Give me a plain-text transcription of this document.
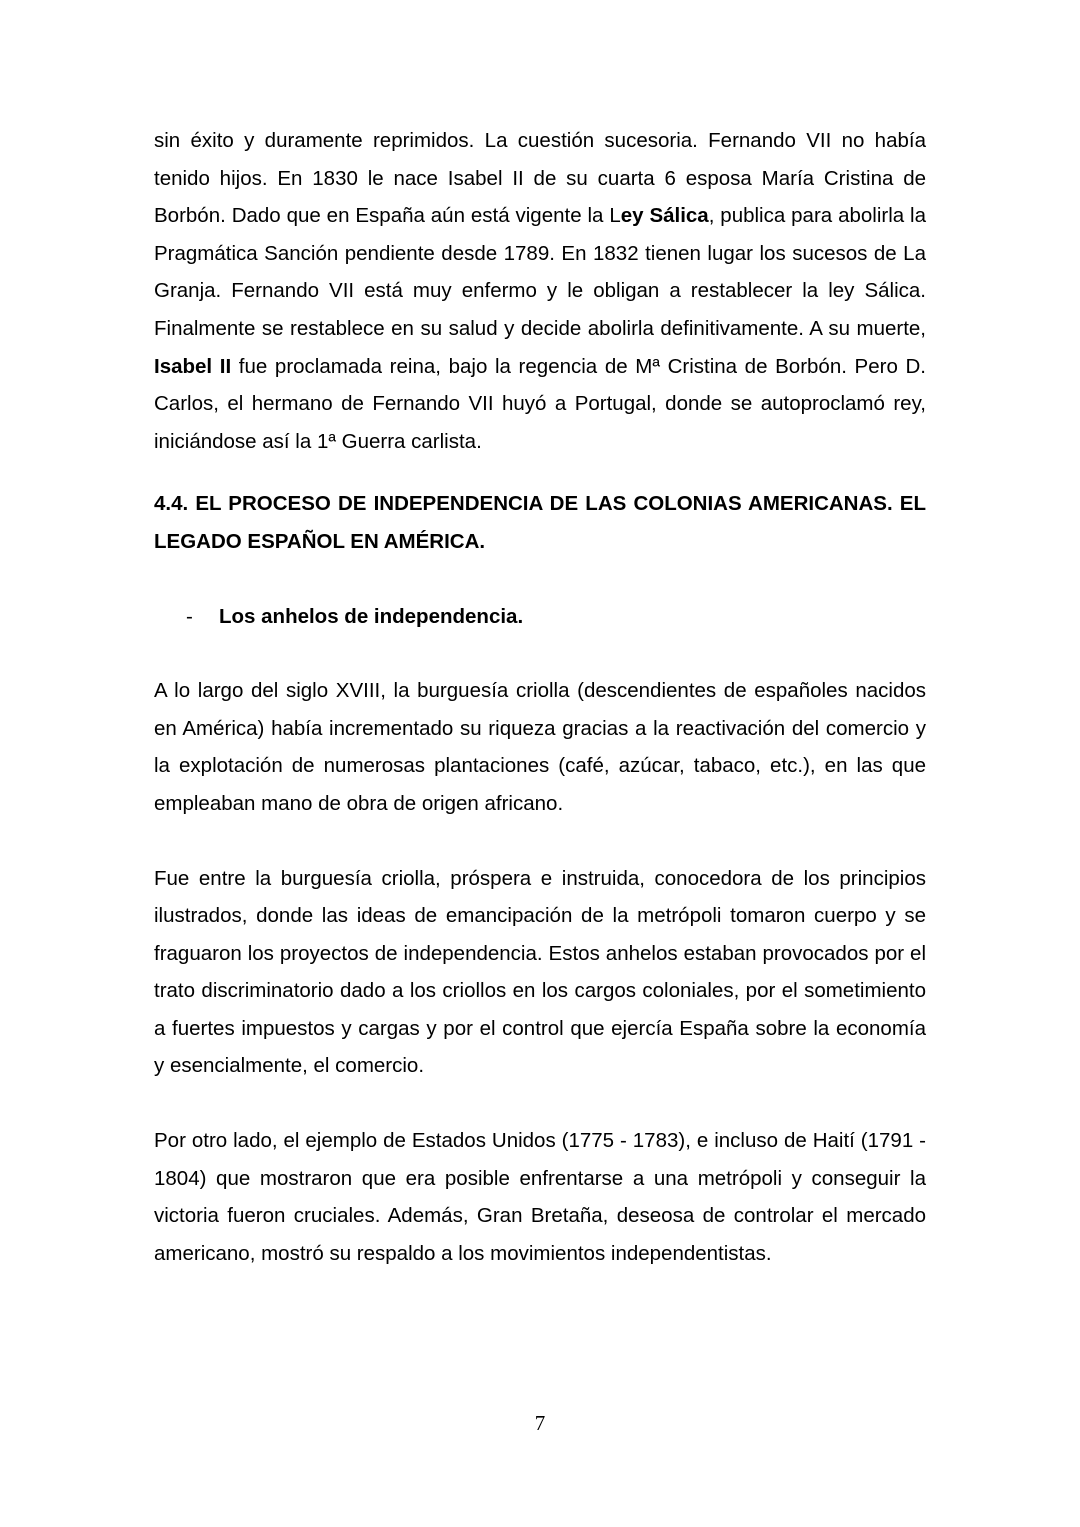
sin éxito y duramente reprimidos. La cuestión sucesoria. Fernando VII no había tenido hijos. En 1830 le nace Isabel II de su cuarta 6 esposa María Cristina de Borbón. Dado que en España aún está vigente la Ley Sálica, publica para abolirla la Pragmática Sanción pendiente desde 1789. En 1832 tienen lugar los sucesos de La Granja. Fernando VII está muy enfermo y le obligan a restablecer la ley Sálica. Finalmente se restablece en su salud y decide abolirla definitivamente. A su muerte, Isabel II fue proclamada reina, bajo la regencia de Mª Cristina de Borbón. Pero D. Carlos, el hermano de Fernando VII huyó a Portugal, donde se autoproclamó rey, iniciándose así la 1ª Guerra carlista.

4.4. EL PROCESO DE INDEPENDENCIA DE LAS COLONIAS AMERICANAS. EL LEGADO ESPAÑOL EN AMÉRICA.
-	Los anhelos de independencia.

A lo largo del siglo XVIII, la burguesía criolla (descendientes de españoles nacidos en América) había incrementado su riqueza gracias a la reactivación del comercio y la explotación de numerosas plantaciones (café, azúcar, tabaco, etc.), en las que empleaban mano de obra de origen africano.

Fue entre la burguesía criolla, próspera e instruida, conocedora de los principios ilustrados, donde las ideas de emancipación de la metrópoli tomaron cuerpo y se fraguaron los proyectos de independencia. Estos anhelos estaban provocados por el trato discriminatorio dado a los criollos en los cargos coloniales, por el sometimiento a fuertes impuestos y cargas y por el control que ejercía España sobre la economía y esencialmente, el comercio.

Por otro lado, el ejemplo de Estados Unidos (1775 - 1783), e incluso de Haití (1791 - 1804) que mostraron que era posible enfrentarse a una metrópoli y conseguir la victoria fueron cruciales. Además, Gran Bretaña, deseosa de controlar el mercado americano, mostró su respaldo a los movimientos independentistas.

7
